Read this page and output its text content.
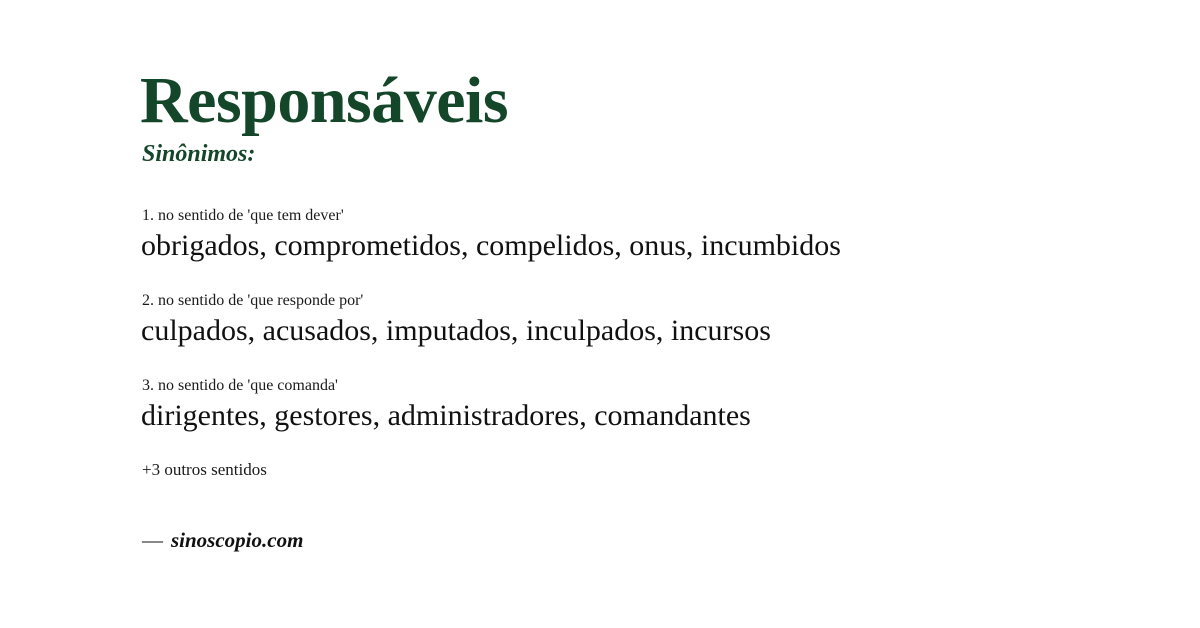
Responsáveis
Sinônimos:
1. no sentido de 'que tem dever'
obrigados, comprometidos, compelidos, onus, incumbidos
2. no sentido de 'que responde por'
culpados, acusados, imputados, inculpados, incursos
3. no sentido de 'que comanda'
dirigentes, gestores, administradores, comandantes
+3 outros sentidos
— sinoscopio.com
